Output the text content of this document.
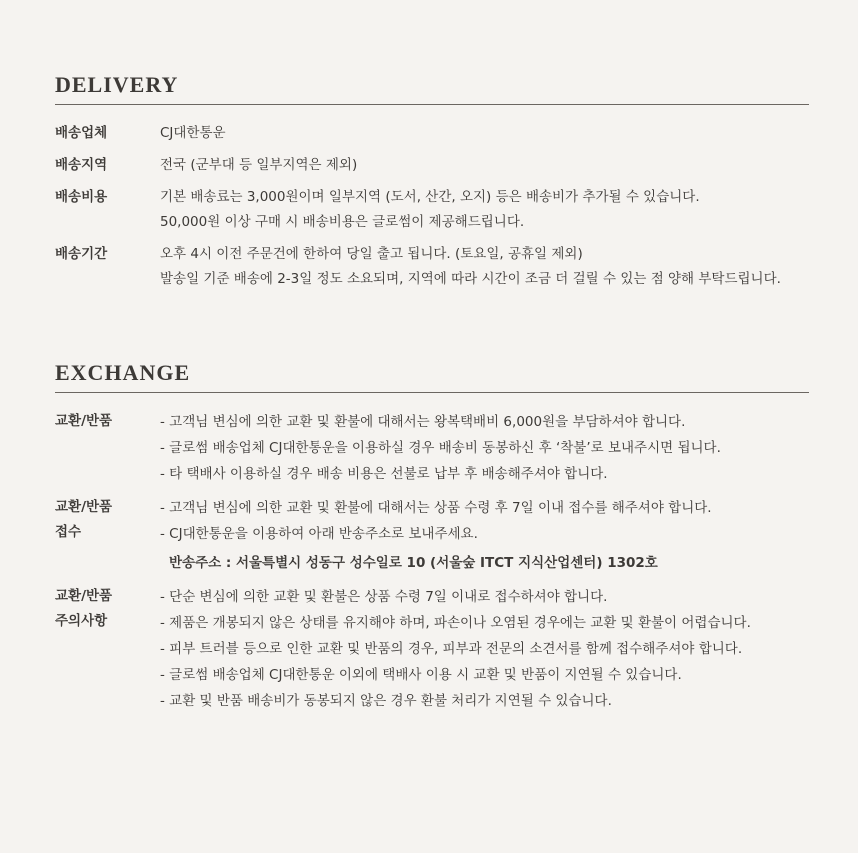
DELIVERY
배송업체	CJ대한통운
배송지역	전국 (군부대 등 일부지역은 제외)
배송비용	기본 배송료는 3,000원이며 일부지역 (도서, 산간, 오지) 등은 배송비가 추가될 수 있습니다.
50,000원 이상 구매 시 배송비용은 글로썸이 제공해드립니다.
배송기간	오후 4시 이전 주문건에 한하여 당일 출고 됩니다. (토요일, 공휴일 제외)
발송일 기준 배송에 2-3일 정도 소요되며, 지역에 따라 시간이 조금 더 걸릴 수 있는 점 양해 부탁드립니다.
EXCHANGE
교환/반품	- 고객님 변심에 의한 교환 및 환불에 대해서는 왕복택배비 6,000원을 부담하셔야 합니다.
- 글로썸 배송업체 CJ대한통운을 이용하실 경우 배송비 동봉하신 후 ‘착불’로 보내주시면 됩니다.
- 타 택배사 이용하실 경우 배송 비용은 선불로 납부 후 배송해주셔야 합니다.
교환/반품
접수
- 고객님 변심에 의한 교환 및 환불에 대해서는 상품 수령 후 7일 이내 접수를 해주셔야 합니다.
- CJ대한통운을 이용하여 아래 반송주소로 보내주세요.
반송주소 : 서울특별시 성동구 성수일로 10 (서울숲 ITCT 지식산업센터) 1302호
교환/반품
주의사항
- 단순 변심에 의한 교환 및 환불은 상품 수령 7일 이내로 접수하셔야 합니다.
- 제품은 개봉되지 않은 상태를 유지해야 하며, 파손이나 오염된 경우에는 교환 및 환불이 어렵습니다.
- 피부 트러블 등으로 인한 교환 및 반품의 경우, 피부과 전문의 소견서를 함께 접수해주셔야 합니다.
- 글로썸 배송업체 CJ대한통운 이외에 택배사 이용 시 교환 및 반품이 지연될 수 있습니다.
- 교환 및 반품 배송비가 동봉되지 않은 경우 환불 처리가 지연될 수 있습니다.
